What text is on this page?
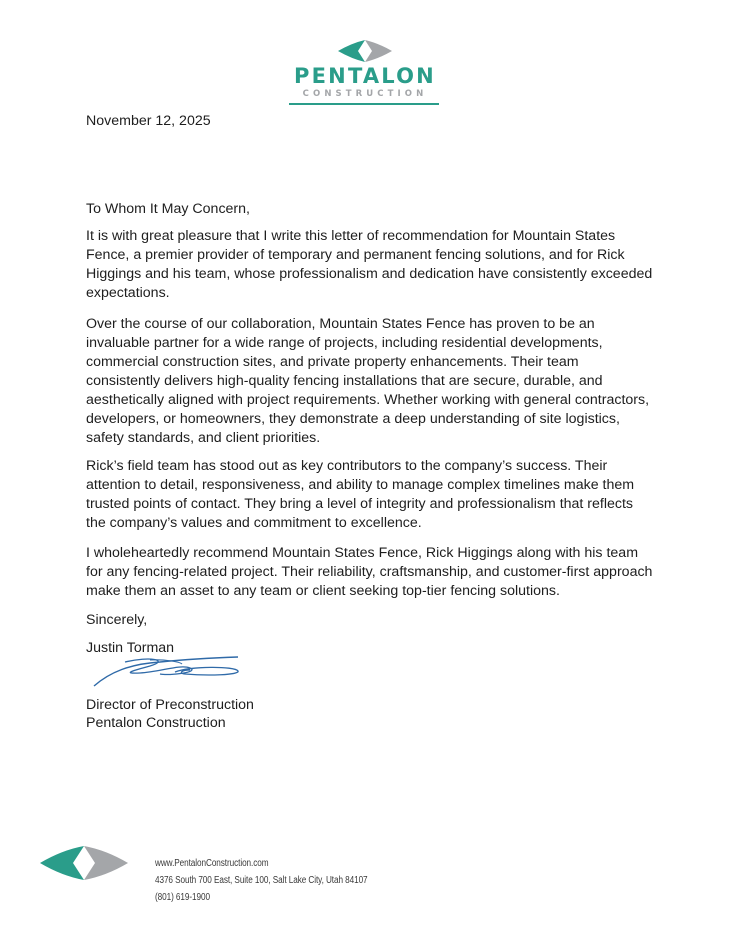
PENTALON
CONSTRUCTION
November 12, 2025
To Whom It May Concern,

It is with great pleasure that I write this letter of recommendation for Mountain States Fence, a premier provider of temporary and permanent fencing solutions, and for Rick Higgings and his team, whose professionalism and dedication have consistently exceeded expectations.

Over the course of our collaboration, Mountain States Fence has proven to be an invaluable partner for a wide range of projects, including residential developments, commercial construction sites, and private property enhancements. Their team consistently delivers high-quality fencing installations that are secure, durable, and aesthetically aligned with project requirements. Whether working with general contractors, developers, or homeowners, they demonstrate a deep understanding of site logistics, safety standards, and client priorities.

Rick’s field team has stood out as key contributors to the company’s success. Their attention to detail, responsiveness, and ability to manage complex timelines make them trusted points of contact. They bring a level of integrity and professionalism that reflects the company’s values and commitment to excellence.

I wholeheartedly recommend Mountain States Fence, Rick Higgings along with his team for any fencing-related project. Their reliability, craftsmanship, and customer-first approach make them an asset to any team or client seeking top-tier fencing solutions.

Sincerely,
Justin Torman
Director of Preconstruction
Pentalon Construction
www.PentalonConstruction.com
4376 South 700 East, Suite 100, Salt Lake City, Utah 84107
(801) 619-1900
